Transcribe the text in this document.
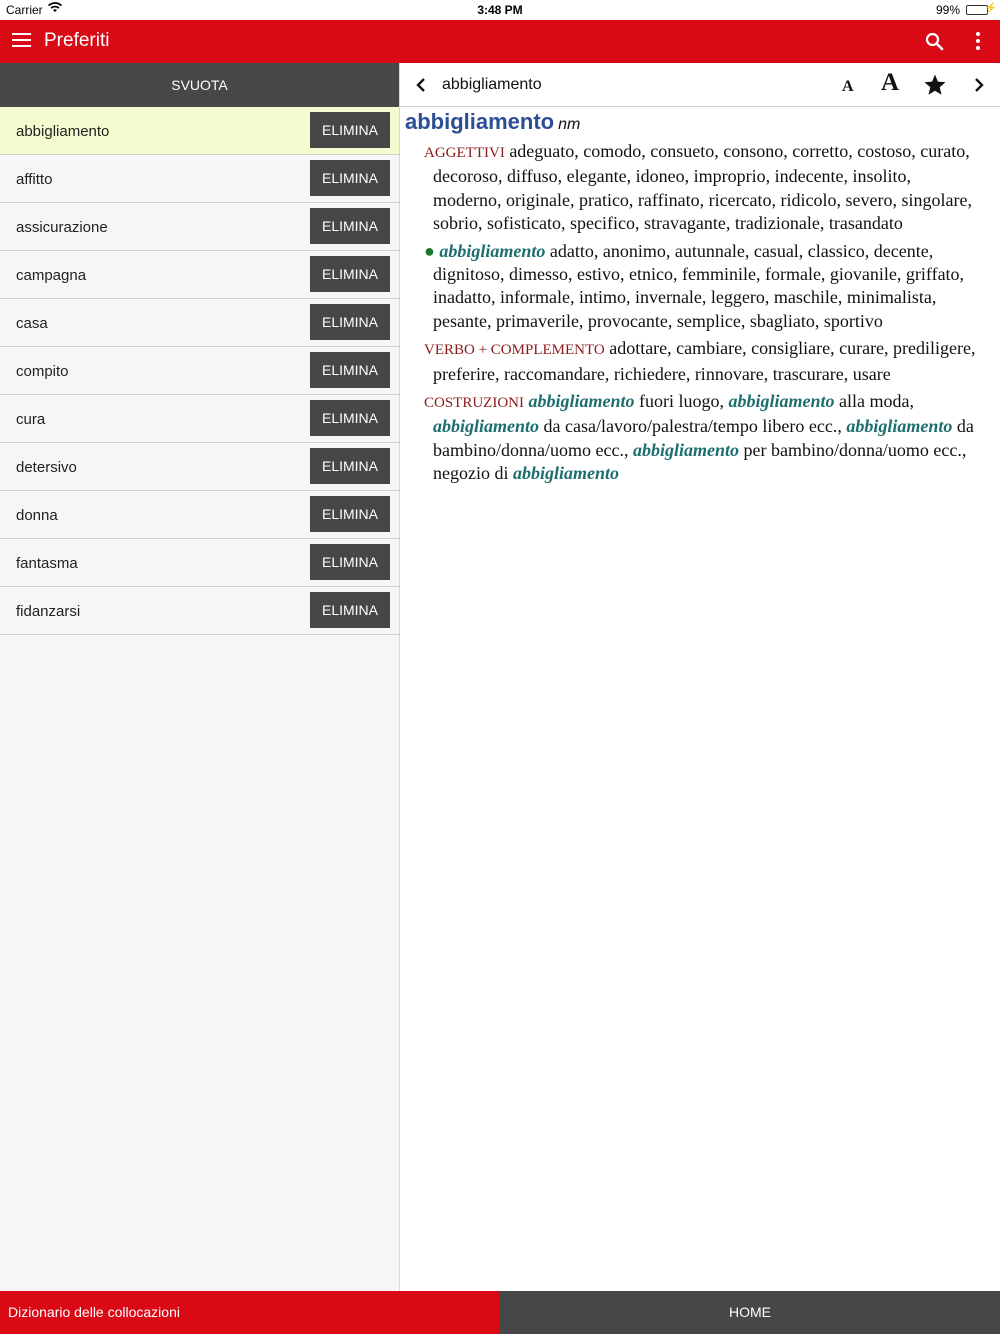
Carrier	3:48 PM	99% ⚡
Preferiti
SVUOTA
abbigliamento	ELIMINA
affitto	ELIMINA
assicurazione	ELIMINA
campagna	ELIMINA
casa	ELIMINA
compito	ELIMINA
cura	ELIMINA
detersivo	ELIMINA
donna	ELIMINA
fantasma	ELIMINA
fidanzarsi	ELIMINA
abbigliamento	A A
abbigliamento nm
AGGETTIVI adeguato, comodo, consueto, consono, corretto, costoso, curato, decoroso, diffuso, elegante, idoneo, improprio, indecente, insolito, moderno, originale, pratico, raffinato, ricercato, ridicolo, severo, singolare, sobrio, sofisticato, specifico, stravagante, tradizionale, trasandato
● abbigliamento adatto, anonimo, autunnale, casual, classico, decente, dignitoso, dimesso, estivo, etnico, femminile, formale, giovanile, griffato, inadatto, informale, intimo, invernale, leggero, maschile, minimalista, pesante, primaverile, provocante, semplice, sbagliato, sportivo
VERBO + COMPLEMENTO adottare, cambiare, consigliare, curare, prediligere, preferire, raccomandare, richiedere, rinnovare, trascurare, usare
COSTRUZIONI abbigliamento fuori luogo, abbigliamento alla moda, abbigliamento da casa/lavoro/palestra/tempo libero ecc., abbigliamento da bambino/donna/uomo ecc., abbigliamento per bambino/donna/uomo ecc., negozio di abbigliamento
Dizionario delle collocazioni	HOME
